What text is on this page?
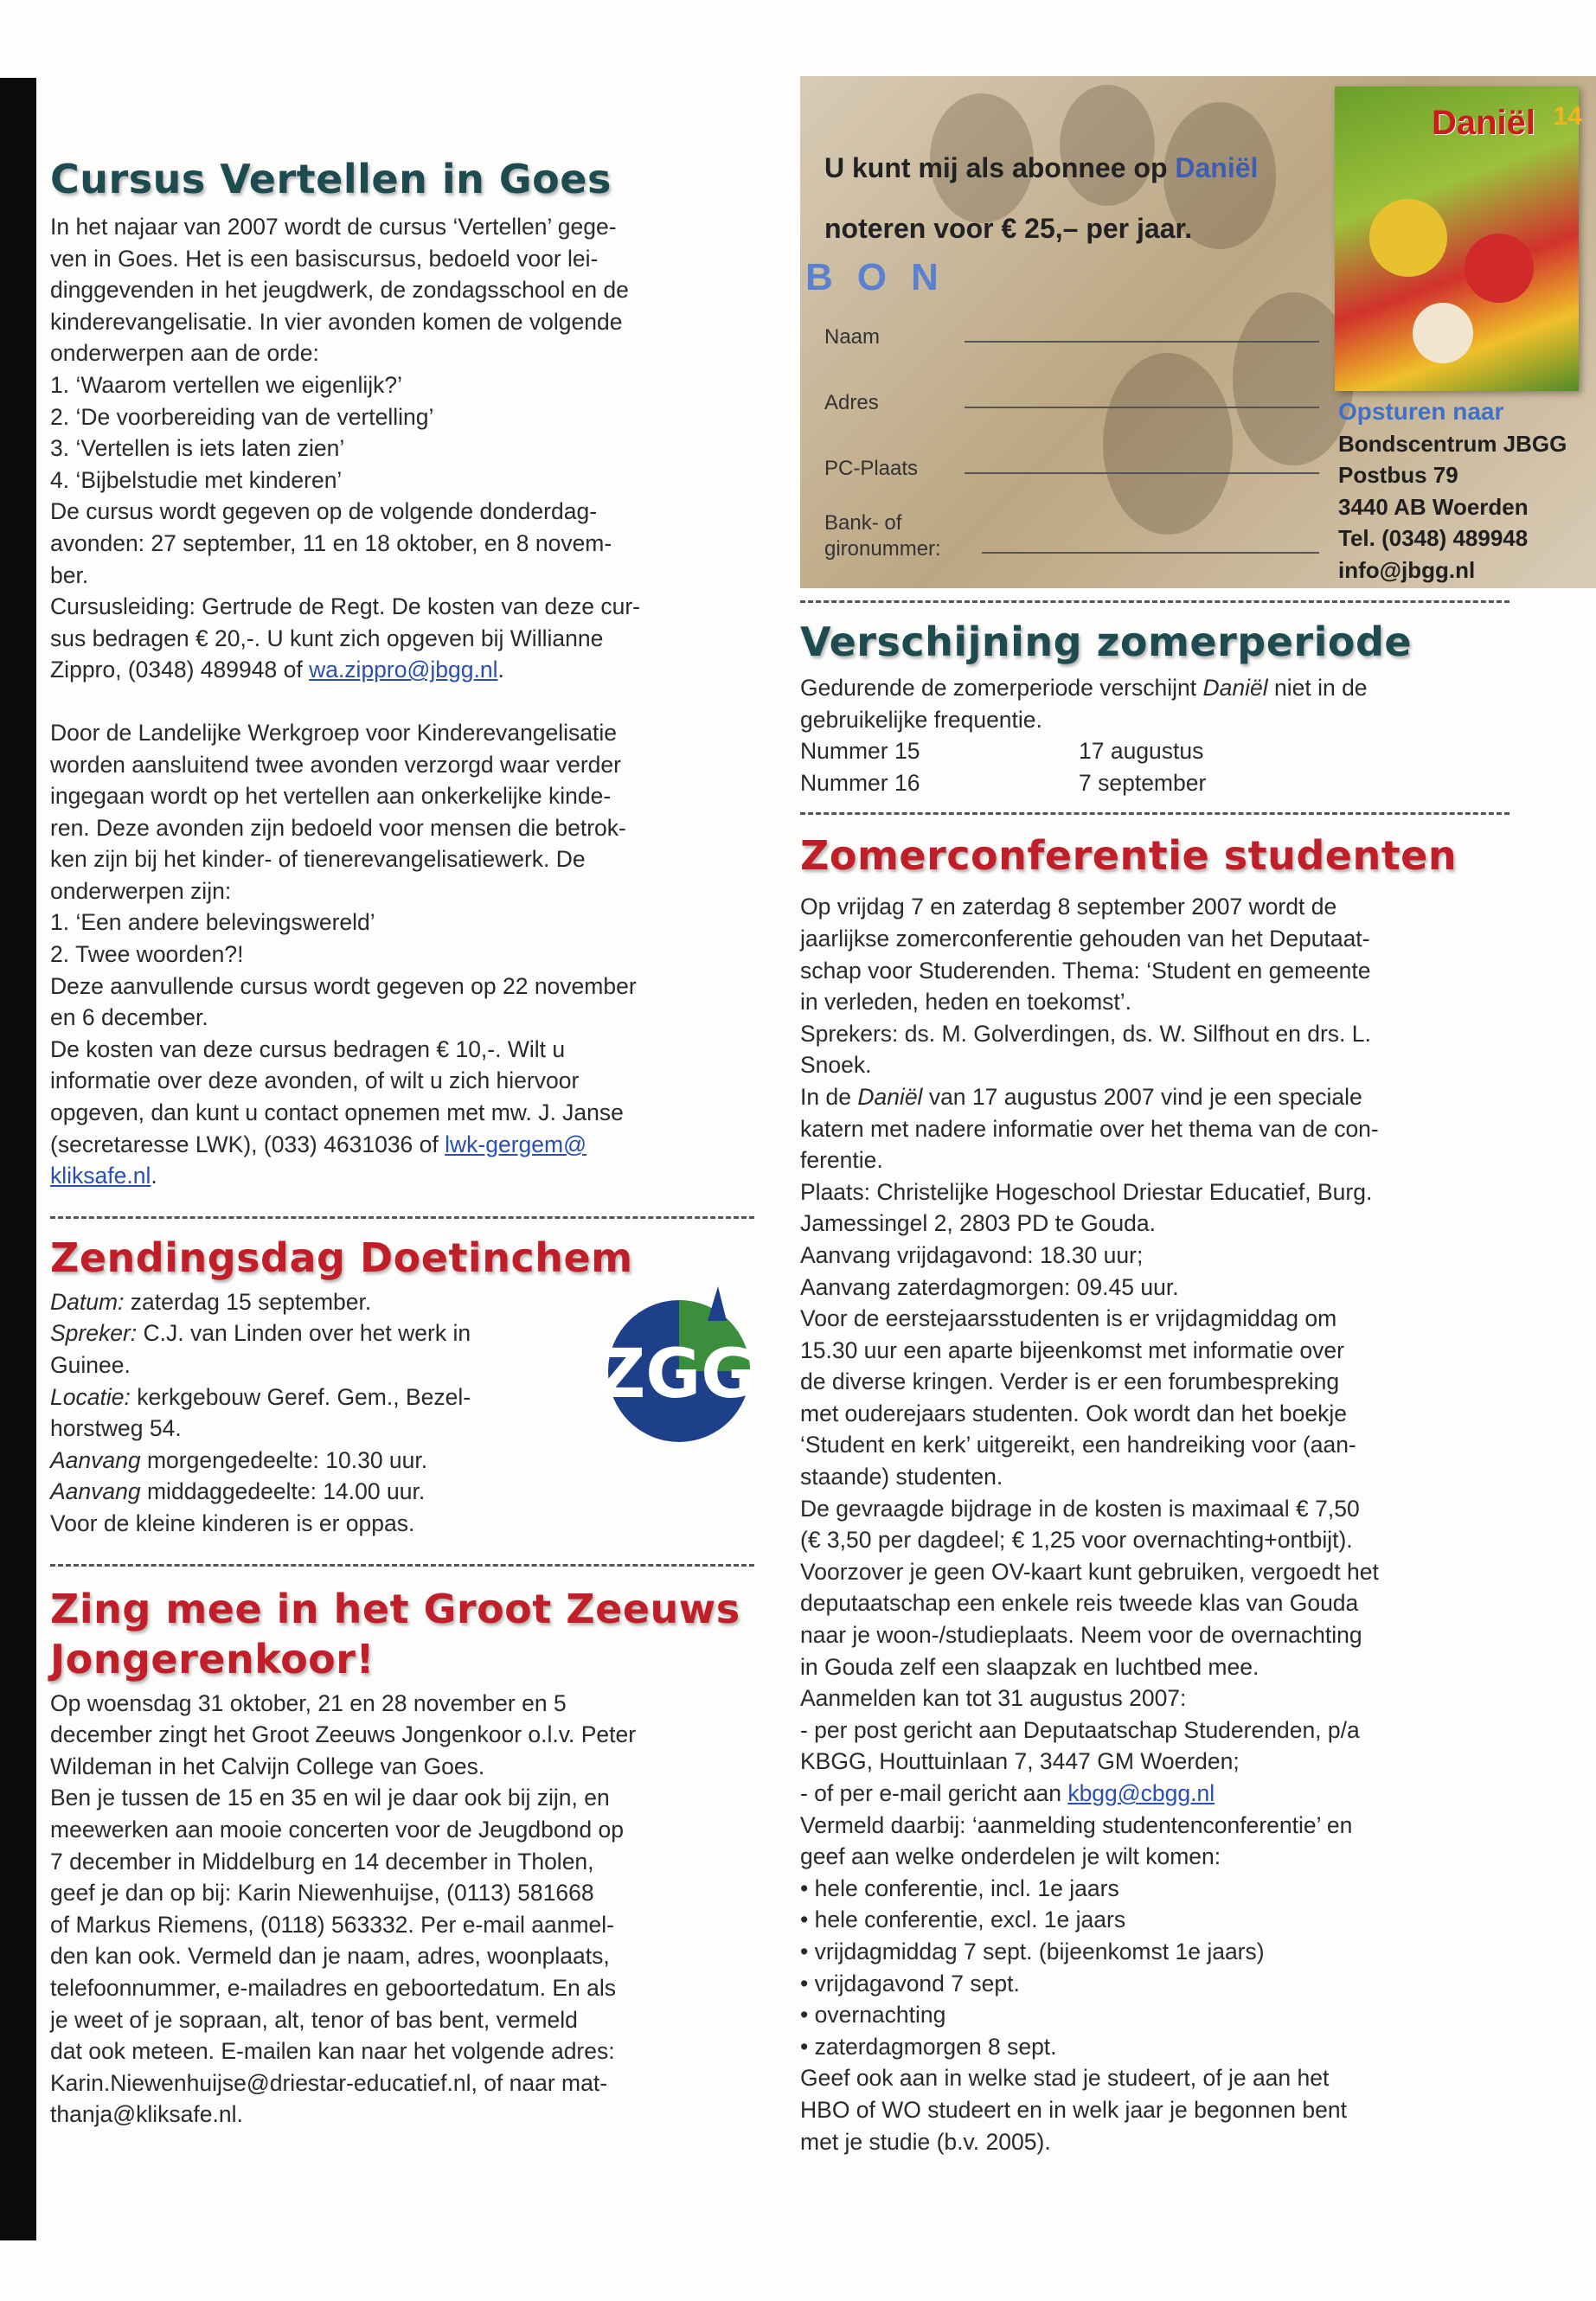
Cursus Vertellen in Goes

In het najaar van 2007 wordt de cursus ‘Vertellen’ gege-

ven in Goes. Het is een basiscursus, bedoeld voor lei-

dinggevenden in het jeugdwerk, de zondagsschool en de

kinderevangelisatie. In vier avonden komen de volgende

onderwerpen aan de orde:

1. ‘Waarom vertellen we eigenlijk?’

2. ‘De voorbereiding van de vertelling’

3. ‘Vertellen is iets laten zien’

4. ‘Bijbelstudie met kinderen’

De cursus wordt gegeven op de volgende donderdag-

avonden: 27 september, 11 en 18 oktober, en 8 novem-

ber.

Cursusleiding: Gertrude de Regt. De kosten van deze cur-

sus bedragen € 20,-. U kunt zich opgeven bij Willianne

Zippro, (0348) 489948 of wa.zippro@jbgg.nl.

Door de Landelijke Werkgroep voor Kinderevangelisatie

worden aansluitend twee avonden verzorgd waar verder

ingegaan wordt op het vertellen aan onkerkelijke kinde-

ren. Deze avonden zijn bedoeld voor mensen die betrok-

ken zijn bij het kinder- of tienerevangelisatiewerk. De

onderwerpen zijn:

1. ‘Een andere belevingswereld’

2. Twee woorden?!

Deze aanvullende cursus wordt gegeven op 22 november

en 6 december.

De kosten van deze cursus bedragen € 10,-. Wilt u

informatie over deze avonden, of wilt u zich hiervoor

opgeven, dan kunt u contact opnemen met mw. J. Janse

(secretaresse LWK), (033) 4631036 of lwk-gergem@

kliksafe.nl.

Zendingsdag Doetinchem
ZGG

Datum: zaterdag 15 september.

Spreker: C.J. van Linden over het werk in

Guinee.

Locatie: kerkgebouw Geref. Gem., Bezel-

horstweg 54.

Aanvang morgengedeelte: 10.30 uur.

Aanvang middaggedeelte: 14.00 uur.

Voor de kleine kinderen is er oppas.

Zing mee in het Groot Zeeuws
Jongerenkoor!

Op woensdag 31 oktober, 21 en 28 november en 5

december zingt het Groot Zeeuws Jongenkoor o.l.v. Peter

Wildeman in het Calvijn College van Goes.

Ben je tussen de 15 en 35 en wil je daar ook bij zijn, en

meewerken aan mooie concerten voor de Jeugdbond op

7 december in Middelburg en 14 december in Tholen,

geef je dan op bij: Karin Niewenhuijse, (0113) 581668

of Markus Riemens, (0118) 563332. Per e-mail aanmel-

den kan ook. Vermeld dan je naam, adres, woonplaats,

telefoonnummer, e-mailadres en geboortedatum. En als

je weet of je sopraan, alt, tenor of bas bent, vermeld

dat ook meteen. E-mailen kan naar het volgende adres:

Karin.Niewenhuijse@driestar-educatief.nl, of naar mat-

thanja@kliksafe.nl.

U kunt mij als abonnee op Daniël
noteren voor € 25,– per jaar.
BON
Naam
Adres
PC-Plaats
Bank- of
gironummer:
Daniël 14
Opsturen naar
Bondscentrum JBGG
Postbus 79
3440 AB Woerden
Tel. (0348) 489948
info@jbgg.nl
Verschijning zomerperiode

Gedurende de zomerperiode verschijnt Daniël niet in de

gebruikelijke frequentie.

Nummer 15	17 augustus

Nummer 16	7 september

Zomerconferentie studenten

Op vrijdag 7 en zaterdag 8 september 2007 wordt de

jaarlijkse zomerconferentie gehouden van het Deputaat-

schap voor Studerenden. Thema: ‘Student en gemeente

in verleden, heden en toekomst’.

Sprekers: ds. M. Golverdingen, ds. W. Silfhout en drs. L.

Snoek.

In de Daniël van 17 augustus 2007 vind je een speciale

katern met nadere informatie over het thema van de con-

ferentie.

Plaats: Christelijke Hogeschool Driestar Educatief, Burg.

Jamessingel 2, 2803 PD te Gouda.

Aanvang vrijdagavond: 18.30 uur;

Aanvang zaterdagmorgen: 09.45 uur.

Voor de eerstejaarsstudenten is er vrijdagmiddag om

15.30 uur een aparte bijeenkomst met informatie over

de diverse kringen. Verder is er een forumbespreking

met ouderejaars studenten. Ook wordt dan het boekje

‘Student en kerk’ uitgereikt, een handreiking voor (aan-

staande) studenten.

De gevraagde bijdrage in de kosten is maximaal € 7,50

(€ 3,50 per dagdeel; € 1,25 voor overnachting+ontbijt).

Voorzover je geen OV-kaart kunt gebruiken, vergoedt het

deputaatschap een enkele reis tweede klas van Gouda

naar je woon-/studieplaats. Neem voor de overnachting

in Gouda zelf een slaapzak en luchtbed mee.

Aanmelden kan tot 31 augustus 2007:

- per post gericht aan Deputaatschap Studerenden, p/a

KBGG, Houttuinlaan 7, 3447 GM Woerden;

- of per e-mail gericht aan kbgg@cbgg.nl

Vermeld daarbij: ‘aanmelding studentenconferentie’ en

geef aan welke onderdelen je wilt komen:

• hele conferentie, incl. 1e jaars

• hele conferentie, excl. 1e jaars

• vrijdagmiddag 7 sept. (bijeenkomst 1e jaars)

• vrijdagavond 7 sept.

• overnachting

• zaterdagmorgen 8 sept.

Geef ook aan in welke stad je studeert, of je aan het

HBO of WO studeert en in welk jaar je begonnen bent

met je studie (b.v. 2005).
